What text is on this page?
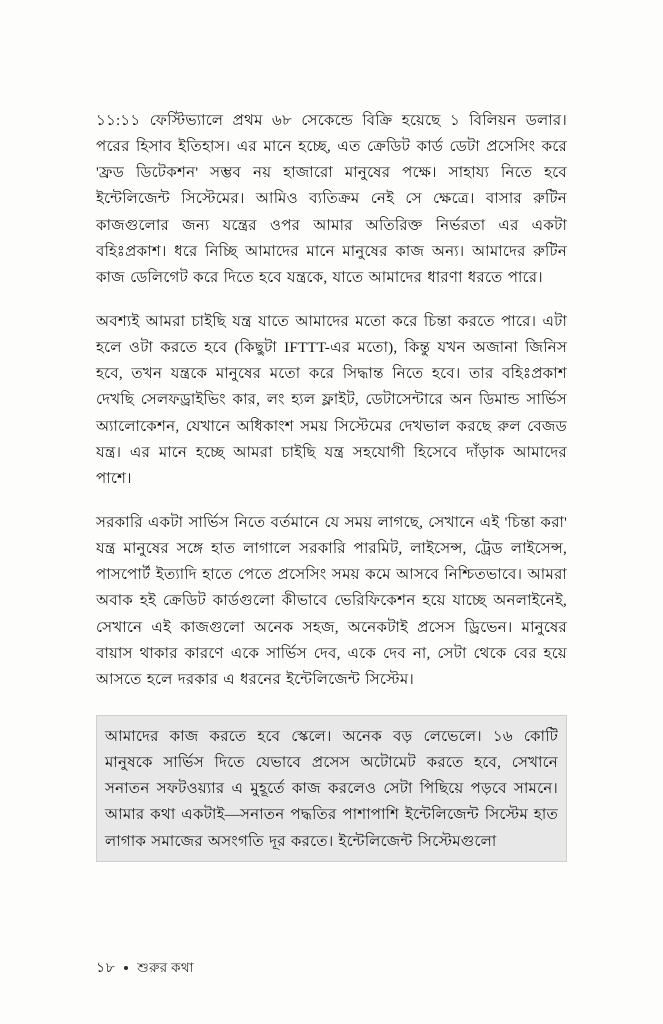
১১:১১ ফেস্টিভ্যালে প্রথম ৬৮ সেকেন্ডে বিক্রি হয়েছে ১ বিলিয়ন ডলার। পরের হিসাব ইতিহাস। এর মানে হচ্ছে, এত ক্রেডিট কার্ড ডেটা প্রসেসিং করে 'ফ্রড ডিটেকশন' সম্ভব নয় হাজারো মানুষের পক্ষে। সাহায্য নিতে হবে ইন্টেলিজেন্ট সিস্টেমের। আমিও ব্যতিক্রম নেই সে ক্ষেত্রে। বাসার রুটিন কাজগুলোর জন্য যন্ত্রের ওপর আমার অতিরিক্ত নির্ভরতা এর একটা বহিঃপ্রকাশ। ধরে নিচ্ছি আমাদের মানে মানুষের কাজ অন্য। আমাদের রুটিন কাজ ডেলিগেট করে দিতে হবে যন্ত্রকে, যাতে আমাদের ধারণা ধরতে পারে।

অবশ্যই আমরা চাইছি যন্ত্র যাতে আমাদের মতো করে চিন্তা করতে পারে। এটা হলে ওটা করতে হবে (কিছুটা IFTTT-এর মতো), কিন্তু যখন অজানা জিনিস হবে, তখন যন্ত্রকে মানুষের মতো করে সিদ্ধান্ত নিতে হবে। তার বহিঃপ্রকাশ দেখছি সেলফড্রাইভিং কার, লং হ্যল ফ্লাইট, ডেটাসেন্টারে অন ডিমান্ড সার্ভিস অ্যালোকেশন, যেখানে অধিকাংশ সময় সিস্টেমের দেখভাল করছে রুল বেজড যন্ত্র। এর মানে হচ্ছে আমরা চাইছি যন্ত্র সহযোগী হিসেবে দাঁড়াক আমাদের পাশে।

সরকারি একটা সার্ভিস নিতে বর্তমানে যে সময় লাগছে, সেখানে এই 'চিন্তা করা' যন্ত্র মানুষের সঙ্গে হাত লাগালে সরকারি পারমিট, লাইসেন্স, ট্রেড লাইসেন্স, পাসপোর্ট ইত্যাদি হাতে পেতে প্রসেসিং সময় কমে আসবে নিশ্চিতভাবে। আমরা অবাক হই ক্রেডিট কার্ডগুলো কীভাবে ভেরিফিকেশন হয়ে যাচ্ছে অনলাইনেই, সেখানে এই কাজগুলো অনেক সহজ, অনেকটাই প্রসেস ড্রিভেন। মানুষের বায়াস থাকার কারণে একে সার্ভিস দেব, একে দেব না, সেটা থেকে বের হয়ে আসতে হলে দরকার এ ধরনের ইন্টেলিজেন্ট সিস্টেম।

আমাদের কাজ করতে হবে স্কেলে। অনেক বড় লেভেলে। ১৬ কোটি মানুষকে সার্ভিস দিতে যেভাবে প্রসেস অটোমেট করতে হবে, সেখানে সনাতন সফটওয়্যার এ মুহূর্তে কাজ করলেও সেটা পিছিয়ে পড়বে সামনে। আমার কথা একটাই—সনাতন পদ্ধতির পাশাপাশি ইন্টেলিজেন্ট সিস্টেম হাত লাগাক সমাজের অসংগতি দূর করতে। ইন্টেলিজেন্ট সিস্টেমগুলো

১৮ শুরুর কথা
